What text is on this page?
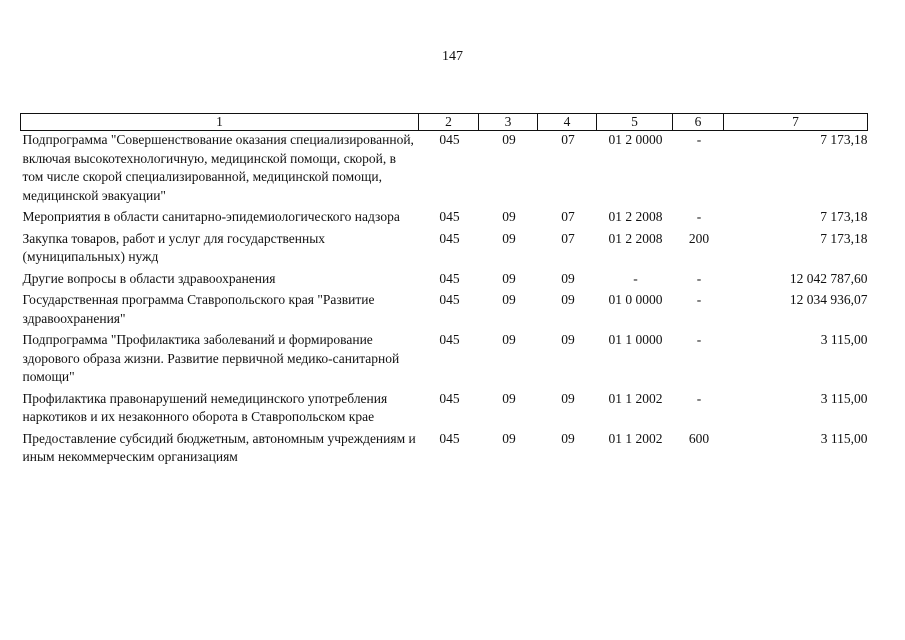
147
1	2	3	4	5	6	7
Подпрограмма "Совершенствование оказания специализированной, включая высокотехнологичную, медицинской помощи, скорой, в том числе скорой специализированной, медицинской помощи, медицинской эвакуации"	045	09	07	01 2 0000	-	7 173,18
Мероприятия в области санитарно-эпидемиологического надзора	045	09	07	01 2 2008	-	7 173,18
Закупка товаров, работ и услуг для государственных (муниципальных) нужд	045	09	07	01 2 2008	200	7 173,18
Другие вопросы в области здравоохранения	045	09	09	-	-	12 042 787,60
Государственная программа Ставропольского края "Развитие здравоохранения"	045	09	09	01 0 0000	-	12 034 936,07
Подпрограмма "Профилактика заболеваний и формирование здорового образа жизни. Развитие первичной медико-санитарной помощи"	045	09	09	01 1 0000	-	3 115,00
Профилактика правонарушений немедицинского употребления наркотиков и их незаконного оборота в Ставропольском крае	045	09	09	01 1 2002	-	3 115,00
Предоставление субсидий бюджетным, автономным учреждениям и иным некоммерческим организациям	045	09	09	01 1 2002	600	3 115,00
